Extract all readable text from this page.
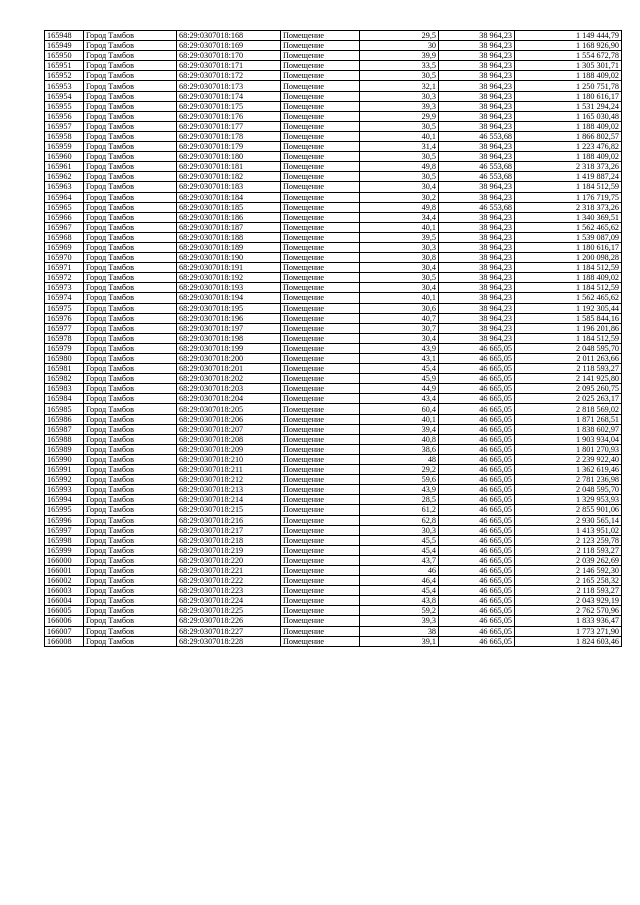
165948	Город Тамбов	68:29:0307018:168	Помещение	29,5	38 964,23	1 149 444,79
165949	Город Тамбов	68:29:0307018:169	Помещение	30	38 964,23	1 168 926,90
165950	Город Тамбов	68:29:0307018:170	Помещение	39,9	38 964,23	1 554 672,78
165951	Город Тамбов	68:29:0307018:171	Помещение	33,5	38 964,23	1 305 301,71
165952	Город Тамбов	68:29:0307018:172	Помещение	30,5	38 964,23	1 188 409,02
165953	Город Тамбов	68:29:0307018:173	Помещение	32,1	38 964,23	1 250 751,78
165954	Город Тамбов	68:29:0307018:174	Помещение	30,3	38 964,23	1 180 616,17
165955	Город Тамбов	68:29:0307018:175	Помещение	39,3	38 964,23	1 531 294,24
165956	Город Тамбов	68:29:0307018:176	Помещение	29,9	38 964,23	1 165 030,48
165957	Город Тамбов	68:29:0307018:177	Помещение	30,5	38 964,23	1 188 409,02
165958	Город Тамбов	68:29:0307018:178	Помещение	40,1	46 553,68	1 866 802,57
165959	Город Тамбов	68:29:0307018:179	Помещение	31,4	38 964,23	1 223 476,82
165960	Город Тамбов	68:29:0307018:180	Помещение	30,5	38 964,23	1 188 409,02
165961	Город Тамбов	68:29:0307018:181	Помещение	49,8	46 553,68	2 318 373,26
165962	Город Тамбов	68:29:0307018:182	Помещение	30,5	46 553,68	1 419 887,24
165963	Город Тамбов	68:29:0307018:183	Помещение	30,4	38 964,23	1 184 512,59
165964	Город Тамбов	68:29:0307018:184	Помещение	30,2	38 964,23	1 176 719,75
165965	Город Тамбов	68:29:0307018:185	Помещение	49,8	46 553,68	2 318 373,26
165966	Город Тамбов	68:29:0307018:186	Помещение	34,4	38 964,23	1 340 369,51
165967	Город Тамбов	68:29:0307018:187	Помещение	40,1	38 964,23	1 562 465,62
165968	Город Тамбов	68:29:0307018:188	Помещение	39,5	38 964,23	1 539 087,09
165969	Город Тамбов	68:29:0307018:189	Помещение	30,3	38 964,23	1 180 616,17
165970	Город Тамбов	68:29:0307018:190	Помещение	30,8	38 964,23	1 200 098,28
165971	Город Тамбов	68:29:0307018:191	Помещение	30,4	38 964,23	1 184 512,59
165972	Город Тамбов	68:29:0307018:192	Помещение	30,5	38 964,23	1 188 409,02
165973	Город Тамбов	68:29:0307018:193	Помещение	30,4	38 964,23	1 184 512,59
165974	Город Тамбов	68:29:0307018:194	Помещение	40,1	38 964,23	1 562 465,62
165975	Город Тамбов	68:29:0307018:195	Помещение	30,6	38 964,23	1 192 305,44
165976	Город Тамбов	68:29:0307018:196	Помещение	40,7	38 964,23	1 585 844,16
165977	Город Тамбов	68:29:0307018:197	Помещение	30,7	38 964,23	1 196 201,86
165978	Город Тамбов	68:29:0307018:198	Помещение	30,4	38 964,23	1 184 512,59
165979	Город Тамбов	68:29:0307018:199	Помещение	43,9	46 665,05	2 048 595,70
165980	Город Тамбов	68:29:0307018:200	Помещение	43,1	46 665,05	2 011 263,66
165981	Город Тамбов	68:29:0307018:201	Помещение	45,4	46 665,05	2 118 593,27
165982	Город Тамбов	68:29:0307018:202	Помещение	45,9	46 665,05	2 141 925,80
165983	Город Тамбов	68:29:0307018:203	Помещение	44,9	46 665,05	2 095 260,75
165984	Город Тамбов	68:29:0307018:204	Помещение	43,4	46 665,05	2 025 263,17
165985	Город Тамбов	68:29:0307018:205	Помещение	60,4	46 665,05	2 818 569,02
165986	Город Тамбов	68:29:0307018:206	Помещение	40,1	46 665,05	1 871 268,51
165987	Город Тамбов	68:29:0307018:207	Помещение	39,4	46 665,05	1 838 602,97
165988	Город Тамбов	68:29:0307018:208	Помещение	40,8	46 665,05	1 903 934,04
165989	Город Тамбов	68:29:0307018:209	Помещение	38,6	46 665,05	1 801 270,93
165990	Город Тамбов	68:29:0307018:210	Помещение	48	46 665,05	2 239 922,40
165991	Город Тамбов	68:29:0307018:211	Помещение	29,2	46 665,05	1 362 619,46
165992	Город Тамбов	68:29:0307018:212	Помещение	59,6	46 665,05	2 781 236,98
165993	Город Тамбов	68:29:0307018:213	Помещение	43,9	46 665,05	2 048 595,70
165994	Город Тамбов	68:29:0307018:214	Помещение	28,5	46 665,05	1 329 953,93
165995	Город Тамбов	68:29:0307018:215	Помещение	61,2	46 665,05	2 855 901,06
165996	Город Тамбов	68:29:0307018:216	Помещение	62,8	46 665,05	2 930 565,14
165997	Город Тамбов	68:29:0307018:217	Помещение	30,3	46 665,05	1 413 951,02
165998	Город Тамбов	68:29:0307018:218	Помещение	45,5	46 665,05	2 123 259,78
165999	Город Тамбов	68:29:0307018:219	Помещение	45,4	46 665,05	2 118 593,27
166000	Город Тамбов	68:29:0307018:220	Помещение	43,7	46 665,05	2 039 262,69
166001	Город Тамбов	68:29:0307018:221	Помещение	46	46 665,05	2 146 592,30
166002	Город Тамбов	68:29:0307018:222	Помещение	46,4	46 665,05	2 165 258,32
166003	Город Тамбов	68:29:0307018:223	Помещение	45,4	46 665,05	2 118 593,27
166004	Город Тамбов	68:29:0307018:224	Помещение	43,8	46 665,05	2 043 929,19
166005	Город Тамбов	68:29:0307018:225	Помещение	59,2	46 665,05	2 762 570,96
166006	Город Тамбов	68:29:0307018:226	Помещение	39,3	46 665,05	1 833 936,47
166007	Город Тамбов	68:29:0307018:227	Помещение	38	46 665,05	1 773 271,90
166008	Город Тамбов	68:29:0307018:228	Помещение	39,1	46 665,05	1 824 603,46
